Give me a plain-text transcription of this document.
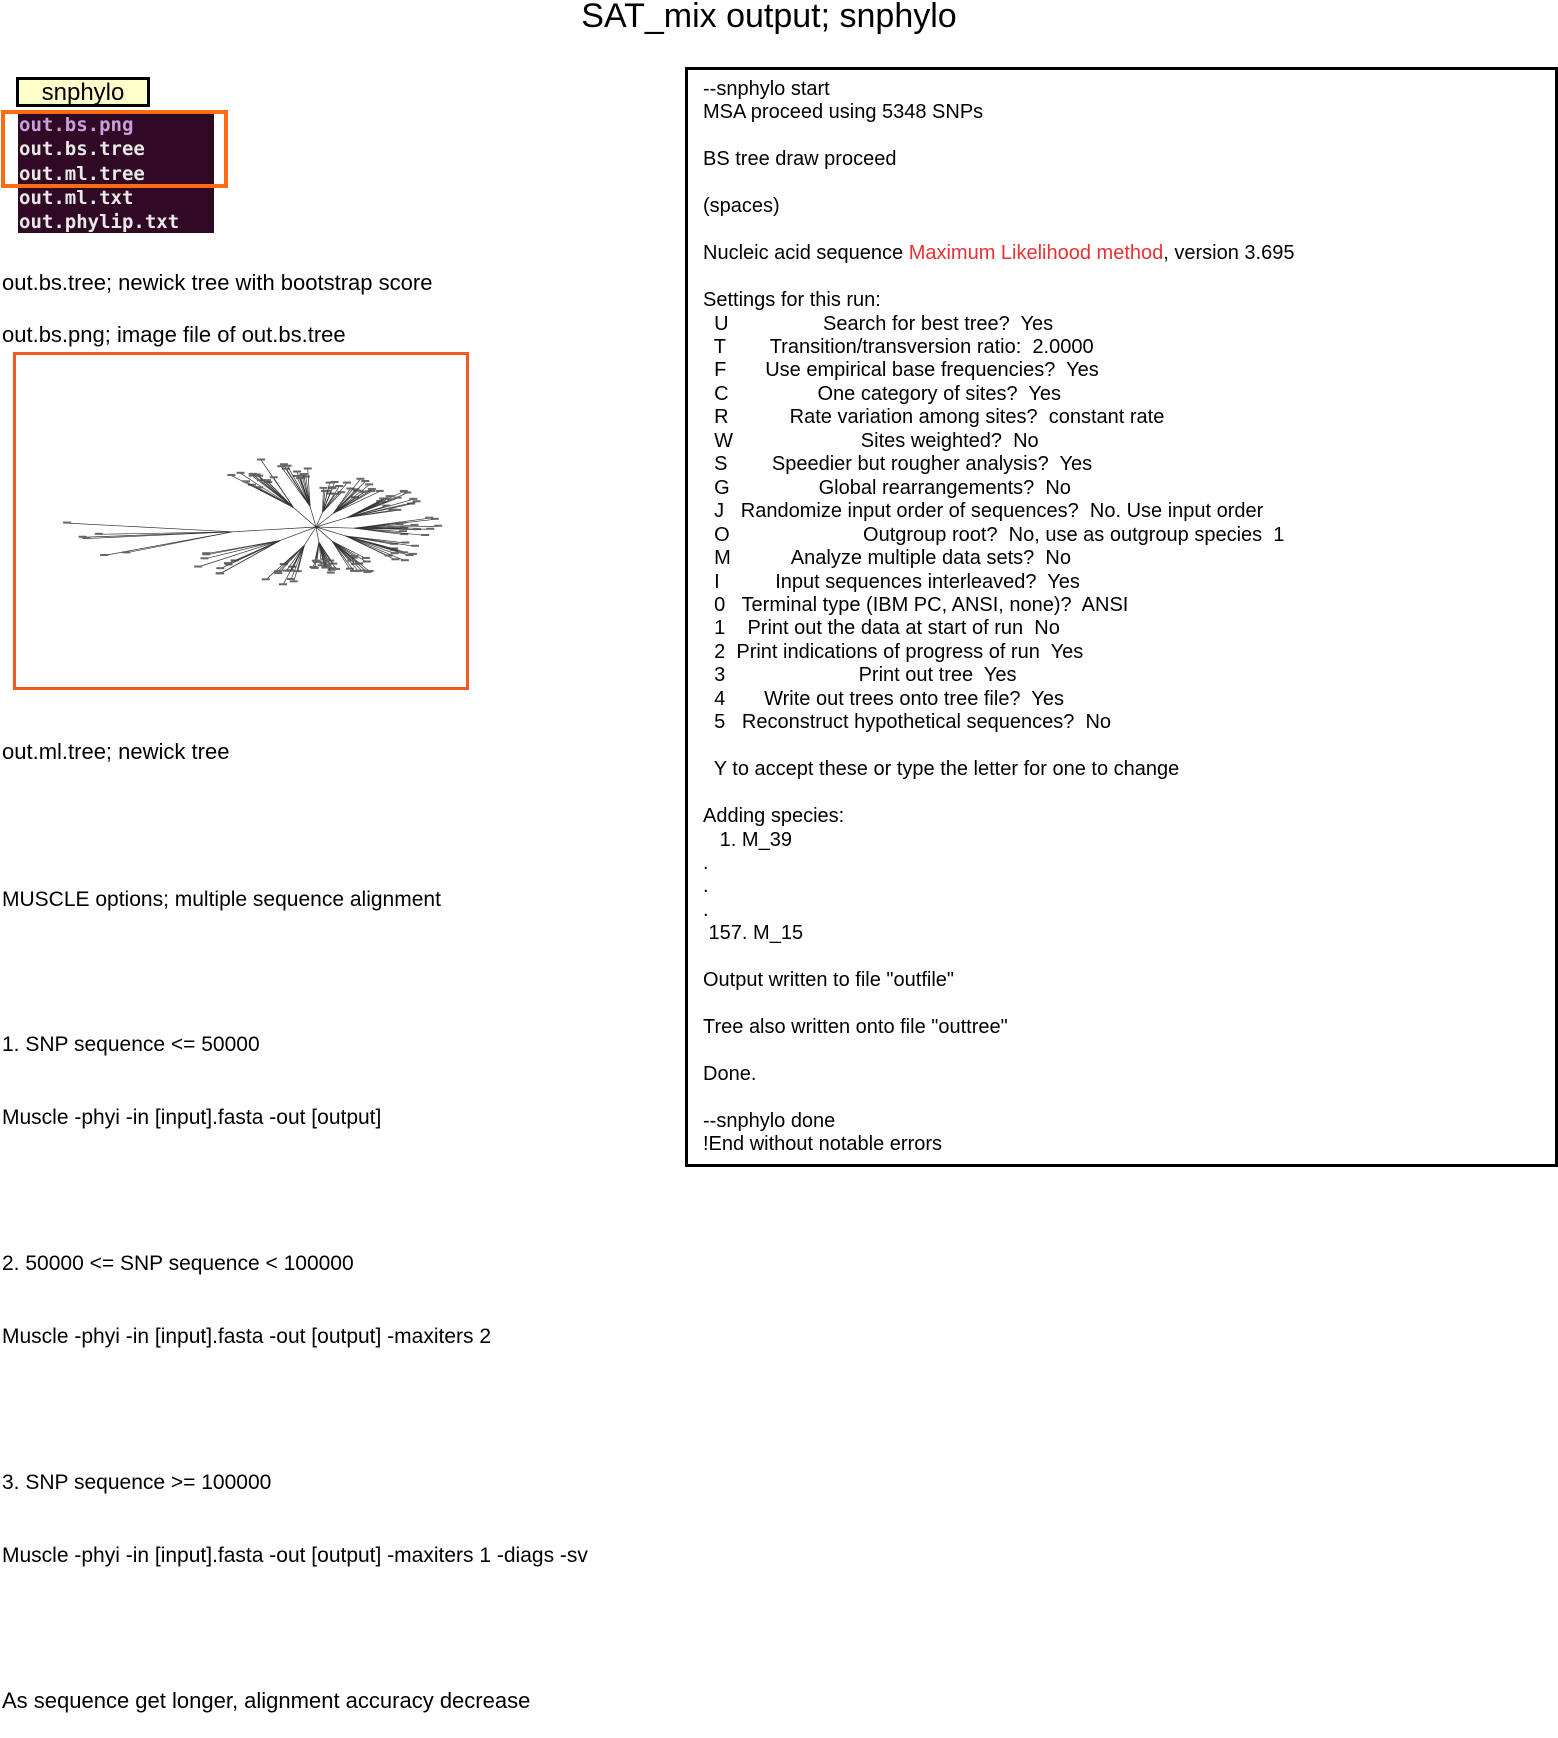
SAT_mix output; snphylo
snphylo
out.bs.png
out.bs.tree
out.ml.tree
out.ml.txt
out.phylip.txt
out.bs.tree; newick tree with bootstrap score
out.bs.png; image file of out.bs.tree
out.ml.tree; newick tree

MUSCLE options; multiple sequence alignment

1. SNP sequence <= 50000

Muscle -phyi -in [input].fasta -out [output]

2. 50000 <= SNP sequence < 100000

Muscle -phyi -in [input].fasta -out [output] -maxiters 2

3. SNP sequence >= 100000

Muscle -phyi -in [input].fasta -out [output] -maxiters 1 -diags -sv

As sequence get longer, alignment accuracy decrease

--snphylo start
MSA proceed using 5348 SNPs

BS tree draw proceed

(spaces)

Nucleic acid sequence Maximum Likelihood method, version 3.695

Settings for this run:
U                 Search for best tree?  Yes
T        Transition/transversion ratio:  2.0000
F       Use empirical base frequencies?  Yes
C                One category of sites?  Yes
R           Rate variation among sites?  constant rate
W                       Sites weighted?  No
S        Speedier but rougher analysis?  Yes
G                Global rearrangements?  No
J   Randomize input order of sequences?  No. Use input order
O                        Outgroup root?  No, use as outgroup species  1
M           Analyze multiple data sets?  No
I          Input sequences interleaved?  Yes
0   Terminal type (IBM PC, ANSI, none)?  ANSI
1    Print out the data at start of run  No
2  Print indications of progress of run  Yes
3                        Print out tree  Yes
4       Write out trees onto tree file?  Yes
5   Reconstruct hypothetical sequences?  No

Y to accept these or type the letter for one to change

Adding species:
1. M_39
.
.
.
157. M_15

Output written to file "outfile"

Tree also written onto file "outtree"

Done.

--snphylo done
!End without notable errors
